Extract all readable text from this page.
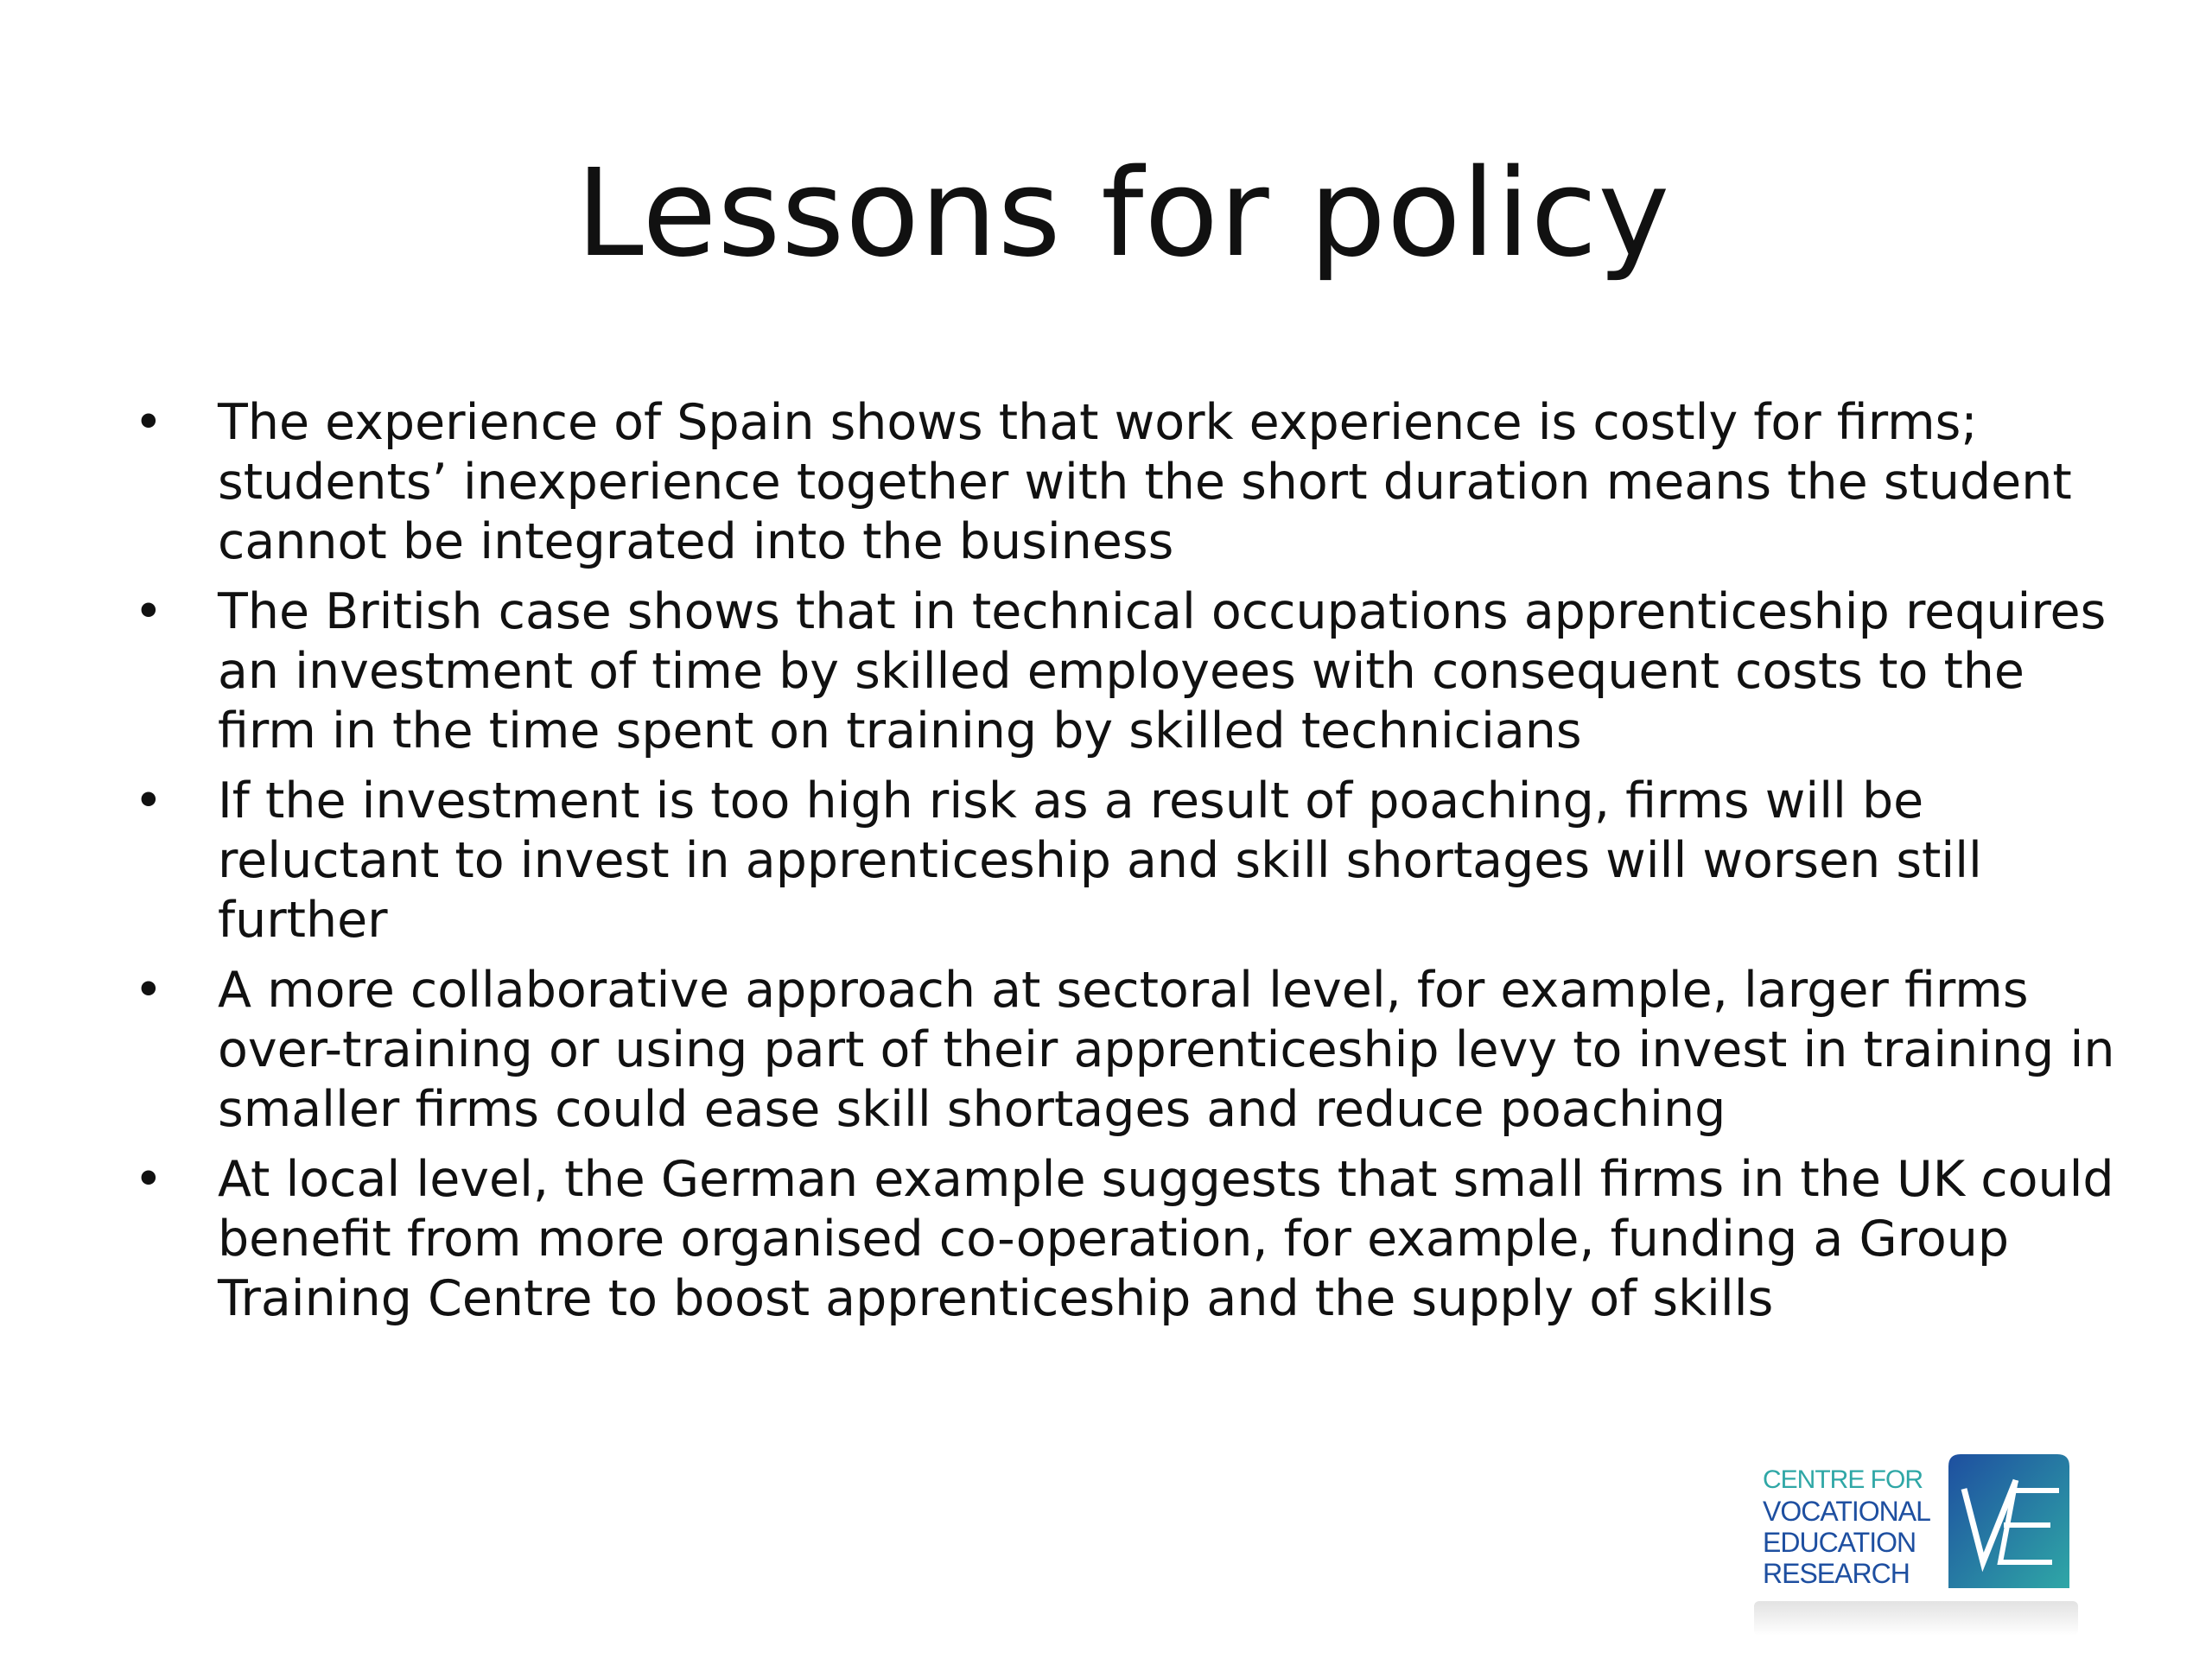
Lessons for policy
• The experience of Spain shows that work experience is costly for firms; students’ inexperience together with the short duration means the student cannot be integrated into the business
• The British case shows that in technical occupations apprenticeship requires an investment of time by skilled employees with consequent costs to the firm in the time spent on training by skilled technicians
• If the investment is too high risk as a result of poaching, firms will be reluctant to invest in apprenticeship and skill shortages will worsen still further
• A more collaborative approach at sectoral level, for example, larger firms over-training or using part of their apprenticeship levy to invest in training in smaller firms could ease skill shortages and reduce poaching
• At local level, the German example suggests that small firms in the UK could benefit from more organised co-operation, for example, funding a Group Training Centre to boost apprenticeship and the supply of skills
CENTRE FOR
VOCATIONAL
EDUCATION
RESEARCH
